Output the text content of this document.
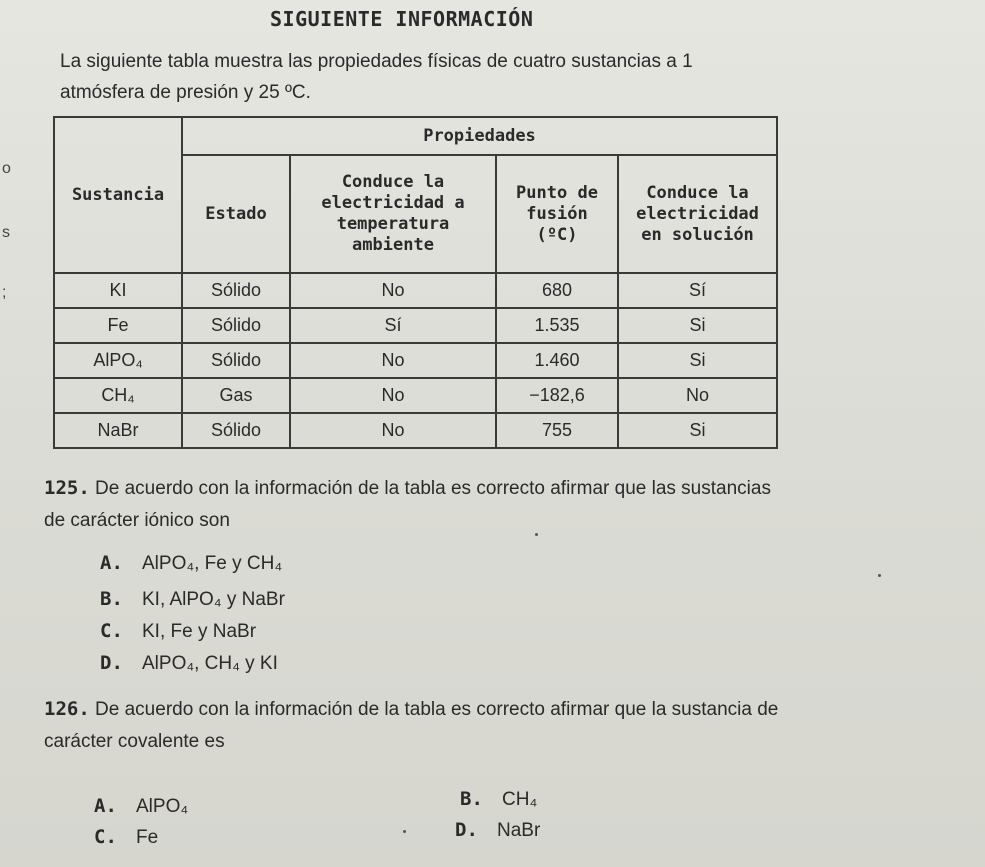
SIGUIENTE INFORMACIÓN
La siguiente tabla muestra las propiedades físicas de cuatro sustancias a 1 atmósfera de presión y 25 ºC.
o
s
;
Sustancia	Propiedades			
	Estado	Conduce la electricidad a temperatura ambiente	Punto de fusión (ºC)	Conduce la electricidad en solución
KI	Sólido	No	680	Sí
Fe	Sólido	Sí	1.535	Si
AlPO₄	Sólido	No	1.460	Si
CH₄	Gas	No	−182,6	No
NaBr	Sólido	No	755	Si
125. De acuerdo con la información de la tabla es correcto afirmar que las sustancias de carácter iónico son
A. AlPO₄, Fe y CH₄
B. KI, AlPO₄ y NaBr
C. KI, Fe y NaBr
D. AlPO₄, CH₄ y KI
126. De acuerdo con la información de la tabla es correcto afirmar que la sustancia de carácter covalente es
A. AlPO₄	B. CH₄
C. Fe	D. NaBr
